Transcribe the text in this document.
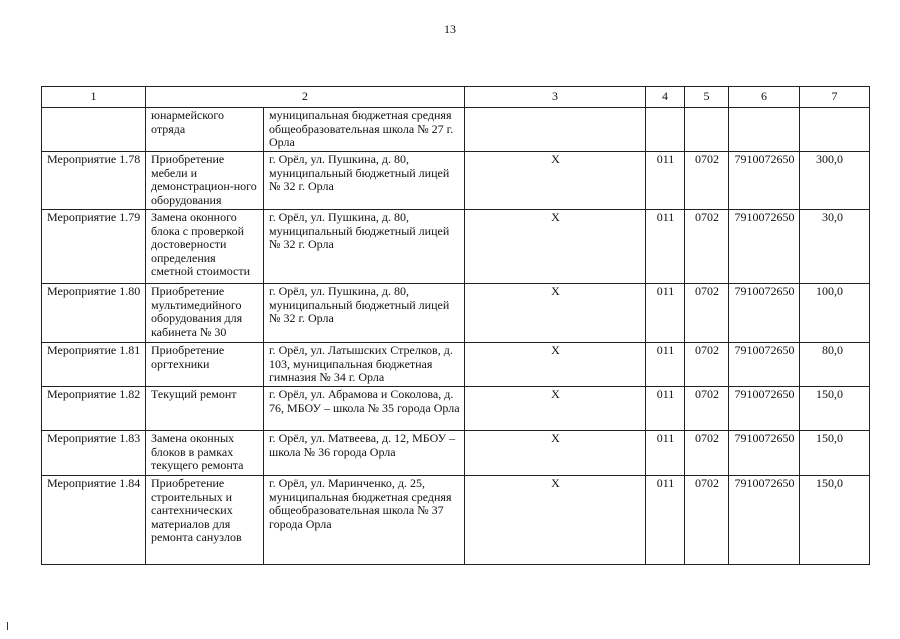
13
1	2		3	4	5	6	7
	юнармейского отряда	муниципальная бюджетная средняя общеобразовательная школа № 27 г. Орла					
Мероприятие 1.78	Приобретение мебели и демонстрацион-ного оборудования	г. Орёл, ул. Пушкина, д. 80, муниципальный бюджетный лицей № 32 г. Орла	Х	011	0702	7910072650	300,0
Мероприятие 1.79	Замена оконного блока с проверкой достоверности определения сметной стоимости	г. Орёл, ул. Пушкина, д. 80, муниципальный бюджетный лицей № 32 г. Орла	Х	011	0702	7910072650	30,0
Мероприятие 1.80	Приобретение мультимедийного оборудования для кабинета № 30	г. Орёл, ул. Пушкина, д. 80, муниципальный бюджетный лицей № 32 г. Орла	Х	011	0702	7910072650	100,0
Мероприятие 1.81	Приобретение оргтехники	г. Орёл, ул. Латышских Стрелков, д. 103, муниципальная бюджетная гимназия № 34 г. Орла	Х	011	0702	7910072650	80,0
Мероприятие 1.82	Текущий ремонт	г. Орёл, ул. Абрамова и Соколова, д. 76, МБОУ – школа № 35 города Орла	Х	011	0702	7910072650	150,0
Мероприятие 1.83	Замена оконных блоков в рамках текущего ремонта	г. Орёл, ул. Матвеева, д. 12, МБОУ – школа № 36 города Орла	Х	011	0702	7910072650	150,0
Мероприятие 1.84	Приобретение строительных и сантехнических материалов для ремонта санузлов	г. Орёл, ул. Маринченко, д. 25, муниципальная бюджетная средняя общеобразовательная школа № 37 города Орла	Х	011	0702	7910072650	150,0
